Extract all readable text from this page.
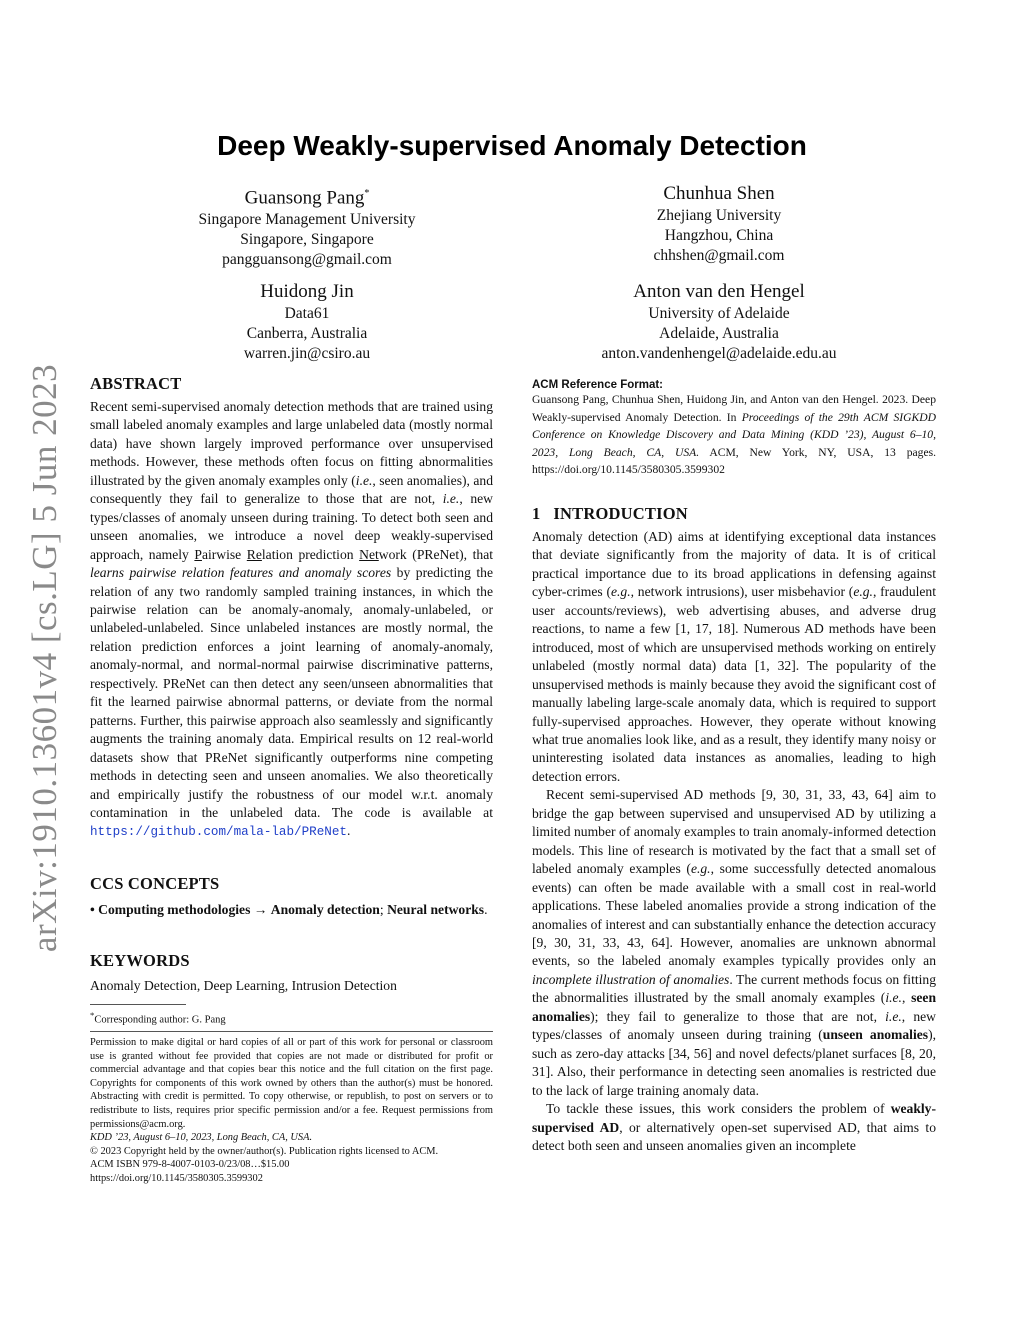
arXiv:1910.13601v4 [cs.LG] 5 Jun 2023
Deep Weakly-supervised Anomaly Detection
Guansong Pang*
Singapore Management University
Singapore, Singapore
pangguansong@gmail.com
Chunhua Shen
Zhejiang University
Hangzhou, China
chhshen@gmail.com
Huidong Jin
Data61
Canberra, Australia
warren.jin@csiro.au
Anton van den Hengel
University of Adelaide
Adelaide, Australia
anton.vandenhengel@adelaide.edu.au
ABSTRACT

Recent semi-supervised anomaly detection methods that are trained using small labeled anomaly examples and large unlabeled data (mostly normal data) have shown largely improved performance over unsupervised methods. However, these methods often focus on fitting abnormalities illustrated by the given anomaly examples only (i.e., seen anomalies), and consequently they fail to generalize to those that are not, i.e., new types/classes of anomaly unseen during training. To detect both seen and unseen anomalies, we introduce a novel deep weakly-supervised approach, namely Pairwise Relation prediction Network (PReNet), that learns pairwise relation features and anomaly scores by predicting the relation of any two randomly sampled training instances, in which the pairwise relation can be anomaly-anomaly, anomaly-unlabeled, or unlabeled-unlabeled. Since unlabeled instances are mostly normal, the relation prediction enforces a joint learning of anomaly-anomaly, anomaly-normal, and normal-normal pairwise discriminative patterns, respectively. PReNet can then detect any seen/unseen abnormalities that fit the learned pairwise abnormal patterns, or deviate from the normal patterns. Further, this pairwise approach also seamlessly and significantly augments the training anomaly data. Empirical results on 12 real-world datasets show that PReNet significantly outperforms nine competing methods in detecting seen and unseen anomalies. We also theoretically and empirically justify the robustness of our model w.r.t. anomaly contamination in the unlabeled data. The code is available at https://github.com/mala-lab/PReNet.

CCS CONCEPTS

• Computing methodologies → Anomaly detection; Neural networks.

KEYWORDS

Anomaly Detection, Deep Learning, Intrusion Detection

*Corresponding author: G. Pang

Permission to make digital or hard copies of all or part of this work for personal or classroom use is granted without fee provided that copies are not made or distributed for profit or commercial advantage and that copies bear this notice and the full citation on the first page. Copyrights for components of this work owned by others than the author(s) must be honored. Abstracting with credit is permitted. To copy otherwise, or republish, to post on servers or to redistribute to lists, requires prior specific permission and/or a fee. Request permissions from permissions@acm.org.

KDD ’23, August 6–10, 2023, Long Beach, CA, USA.

© 2023 Copyright held by the owner/author(s). Publication rights licensed to ACM.

ACM ISBN 979-8-4007-0103-0/23/08…$15.00

https://doi.org/10.1145/3580305.3599302

ACM Reference Format:

Guansong Pang, Chunhua Shen, Huidong Jin, and Anton van den Hengel. 2023. Deep Weakly-supervised Anomaly Detection. In Proceedings of the 29th ACM SIGKDD Conference on Knowledge Discovery and Data Mining (KDD ’23), August 6–10, 2023, Long Beach, CA, USA. ACM, New York, NY, USA, 13 pages. https://doi.org/10.1145/3580305.3599302

1   INTRODUCTION

Anomaly detection (AD) aims at identifying exceptional data instances that deviate significantly from the majority of data. It is of critical practical importance due to its broad applications in defensing against cyber-crimes (e.g., network intrusions), user misbehavior (e.g., fraudulent user accounts/reviews), web advertising abuses, and adverse drug reactions, to name a few [1, 17, 18]. Numerous AD methods have been introduced, most of which are unsupervised methods working on entirely unlabeled (mostly normal data) data [1, 32]. The popularity of the unsupervised methods is mainly because they avoid the significant cost of manually labeling large-scale anomaly data, which is required to support fully-supervised approaches. However, they operate without knowing what true anomalies look like, and as a result, they identify many noisy or uninteresting isolated data instances as anomalies, leading to high detection errors.

Recent semi-supervised AD methods [9, 30, 31, 33, 43, 64] aim to bridge the gap between supervised and unsupervised AD by utilizing a limited number of anomaly examples to train anomaly-informed detection models. This line of research is motivated by the fact that a small set of labeled anomaly examples (e.g., some successfully detected anomalous events) can often be made available with a small cost in real-world applications. These labeled anomalies provide a strong indication of the anomalies of interest and can substantially enhance the detection accuracy [9, 30, 31, 33, 43, 64]. However, anomalies are unknown abnormal events, so the labeled anomaly examples typically provides only an incomplete illustration of anomalies. The current methods focus on fitting the abnormalities illustrated by the small anomaly examples (i.e., seen anomalies); they fail to generalize to those that are not, i.e., new types/classes of anomaly unseen during training (unseen anomalies), such as zero-day attacks [34, 56] and novel defects/planet surfaces [8, 20, 31]. Also, their performance in detecting seen anomalies is restricted due to the lack of large training anomaly data.

To tackle these issues, this work considers the problem of weakly-supervised AD, or alternatively open-set supervised AD, that aims to detect both seen and unseen anomalies given an incomplete
